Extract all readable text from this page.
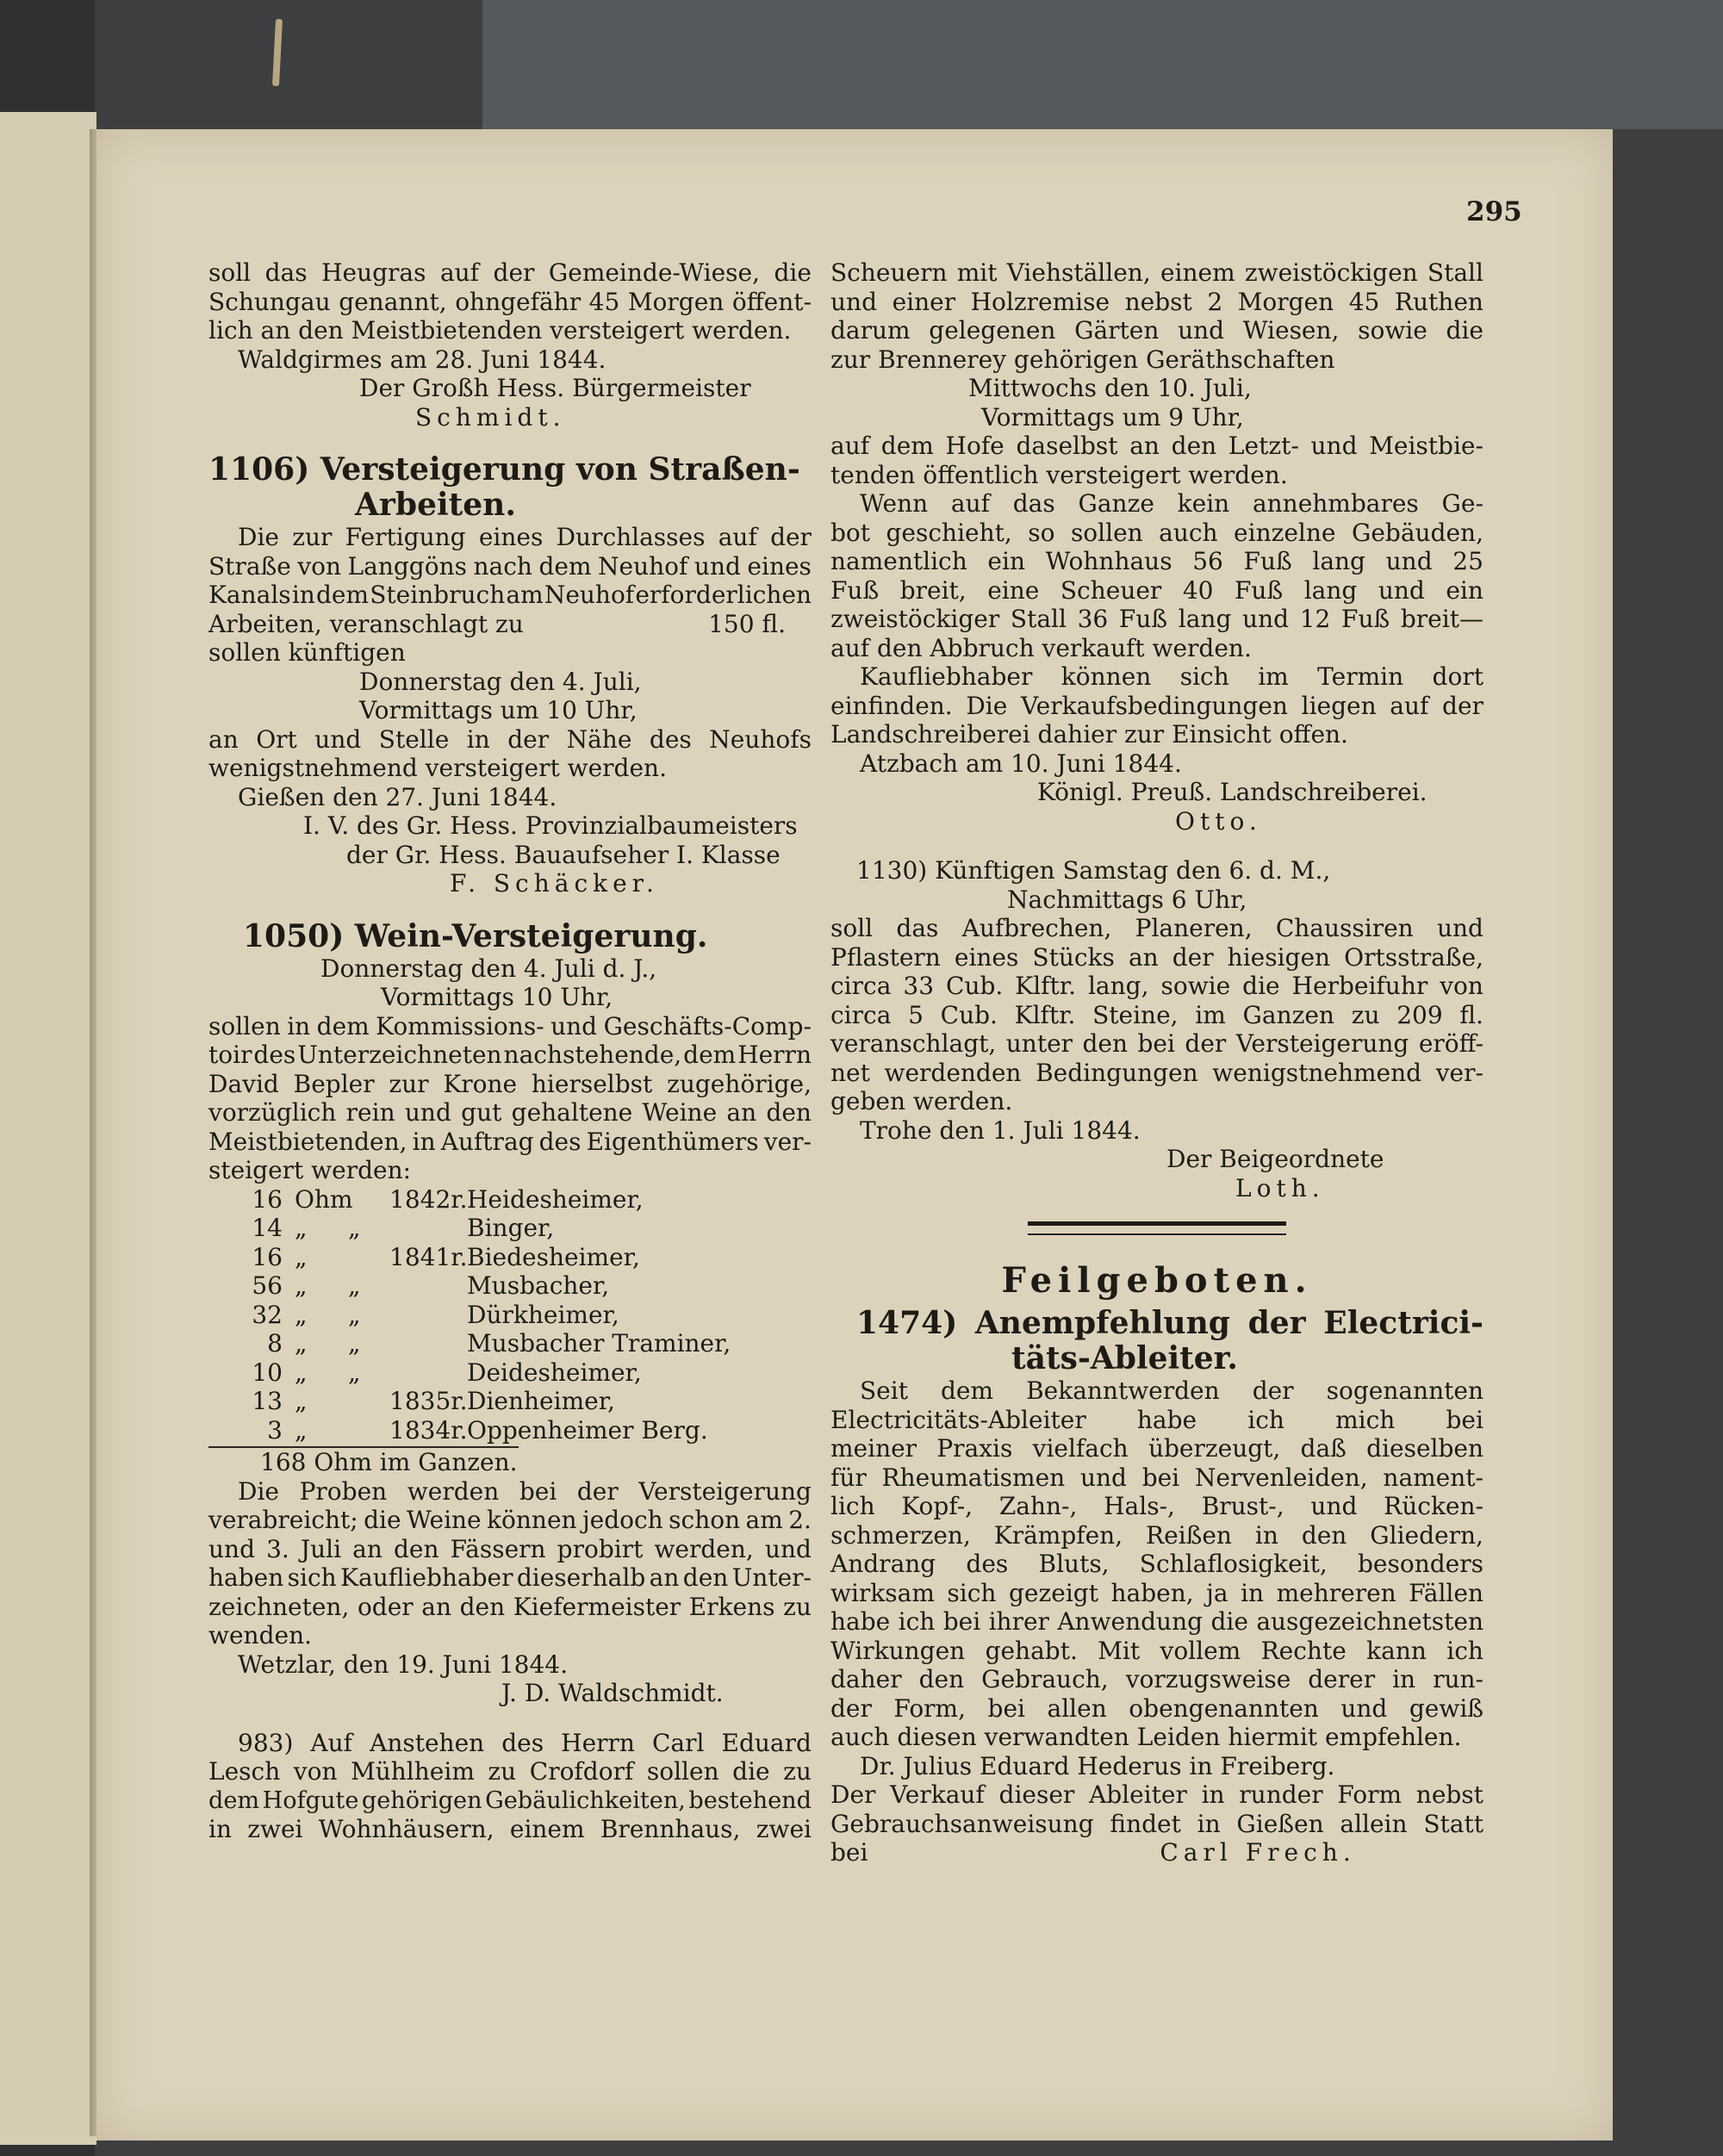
295
soll das Heugras auf der Gemeinde-Wiese, die
Schungau genannt, ohngefähr 45 Morgen öffent-
lich an den Meistbietenden versteigert werden.
Waldgirmes am 28. Juni 1844.
Der Großh Hess. Bürgermeister
Schmidt.
1106) Versteigerung von Straßen-
Arbeiten.
Die zur Fertigung eines Durchlasses auf der
Straße von Langgöns nach dem Neuhof und eines
Kanals in dem Steinbruch am Neuhof erforderlichen
Arbeiten, veranschlagt zu	150 fl.
sollen künftigen
Donnerstag den 4. Juli,
Vormittags um 10 Uhr,
an Ort und Stelle in der Nähe des Neuhofs
wenigstnehmend versteigert werden.
Gießen den 27. Juni 1844.
I. V. des Gr. Hess. Provinzialbaumeisters
der Gr. Hess. Bauaufseher I. Klasse
F. Schäcker.
1050) Wein-Versteigerung.
Donnerstag den 4. Juli d. J.,
Vormittags 10 Uhr,
sollen in dem Kommissions- und Geschäfts-Comp-
toir des Unterzeichneten nachstehende, dem Herrn
David Bepler zur Krone hierselbst zugehörige,
vorzüglich rein und gut gehaltene Weine an den
Meistbietenden, in Auftrag des Eigenthümers ver-
steigert werden:
16 Ohm 1842r. Heidesheimer,
14 „	„	Binger,
16 „	1841r. Biedesheimer,
56 „	„	Musbacher,
32 „	„	Dürkheimer,
8 „	„	Musbacher Traminer,
10 „	„	Deidesheimer,
13 „	1835r. Dienheimer,
3 „	1834r. Oppenheimer Berg.
168 Ohm im Ganzen.
Die Proben werden bei der Versteigerung
verabreicht; die Weine können jedoch schon am 2.
und 3. Juli an den Fässern probirt werden, und
haben sich Kaufliebhaber dieserhalb an den Unter-
zeichneten, oder an den Kiefermeister Erkens zu
wenden.
Wetzlar, den 19. Juni 1844.
J. D. Waldschmidt.
983) Auf Anstehen des Herrn Carl Eduard
Lesch von Mühlheim zu Crofdorf sollen die zu
dem Hofgute gehörigen Gebäulichkeiten, bestehend
in zwei Wohnhäusern, einem Brennhaus, zwei
Scheuern mit Viehställen, einem zweistöckigen Stall
und einer Holzremise nebst 2 Morgen 45 Ruthen
darum gelegenen Gärten und Wiesen, sowie die
zur Brennerey gehörigen Geräthschaften
Mittwochs den 10. Juli,
Vormittags um 9 Uhr,
auf dem Hofe daselbst an den Letzt- und Meistbie-
tenden öffentlich versteigert werden.
Wenn auf das Ganze kein annehmbares Ge-
bot geschieht, so sollen auch einzelne Gebäuden,
namentlich ein Wohnhaus 56 Fuß lang und 25
Fuß breit, eine Scheuer 40 Fuß lang und ein
zweistöckiger Stall 36 Fuß lang und 12 Fuß breit—
auf den Abbruch verkauft werden.
Kaufliebhaber können sich im Termin dort
einfinden. Die Verkaufsbedingungen liegen auf der
Landschreiberei dahier zur Einsicht offen.
Atzbach am 10. Juni 1844.
Königl. Preuß. Landschreiberei.
Otto.
1130) Künftigen Samstag den 6. d. M.,
Nachmittags 6 Uhr,
soll das Aufbrechen, Planeren, Chaussiren und
Pflastern eines Stücks an der hiesigen Ortsstraße,
circa 33 Cub. Klftr. lang, sowie die Herbeifuhr von
circa 5 Cub. Klftr. Steine, im Ganzen zu 209 fl.
veranschlagt, unter den bei der Versteigerung eröff-
net werdenden Bedingungen wenigstnehmend ver-
geben werden.
Trohe den 1. Juli 1844.
Der Beigeordnete
Loth.
Feilgeboten.
1474) Anempfehlung der Electrici-
täts-Ableiter.
Seit dem Bekanntwerden der sogenannten
Electricitäts-Ableiter habe ich mich bei
meiner Praxis vielfach überzeugt, daß dieselben
für Rheumatismen und bei Nervenleiden, nament-
lich Kopf-, Zahn-, Hals-, Brust-, und Rücken-
schmerzen, Krämpfen, Reißen in den Gliedern,
Andrang des Bluts, Schlaflosigkeit, besonders
wirksam sich gezeigt haben, ja in mehreren Fällen
habe ich bei ihrer Anwendung die ausgezeichnetsten
Wirkungen gehabt. Mit vollem Rechte kann ich
daher den Gebrauch, vorzugsweise derer in run-
der Form, bei allen obengenannten und gewiß
auch diesen verwandten Leiden hiermit empfehlen.
Dr. Julius Eduard Hederus in Freiberg.
Der Verkauf dieser Ableiter in runder Form nebst
Gebrauchsanweisung findet in Gießen allein Statt
bei	Carl Frech.
